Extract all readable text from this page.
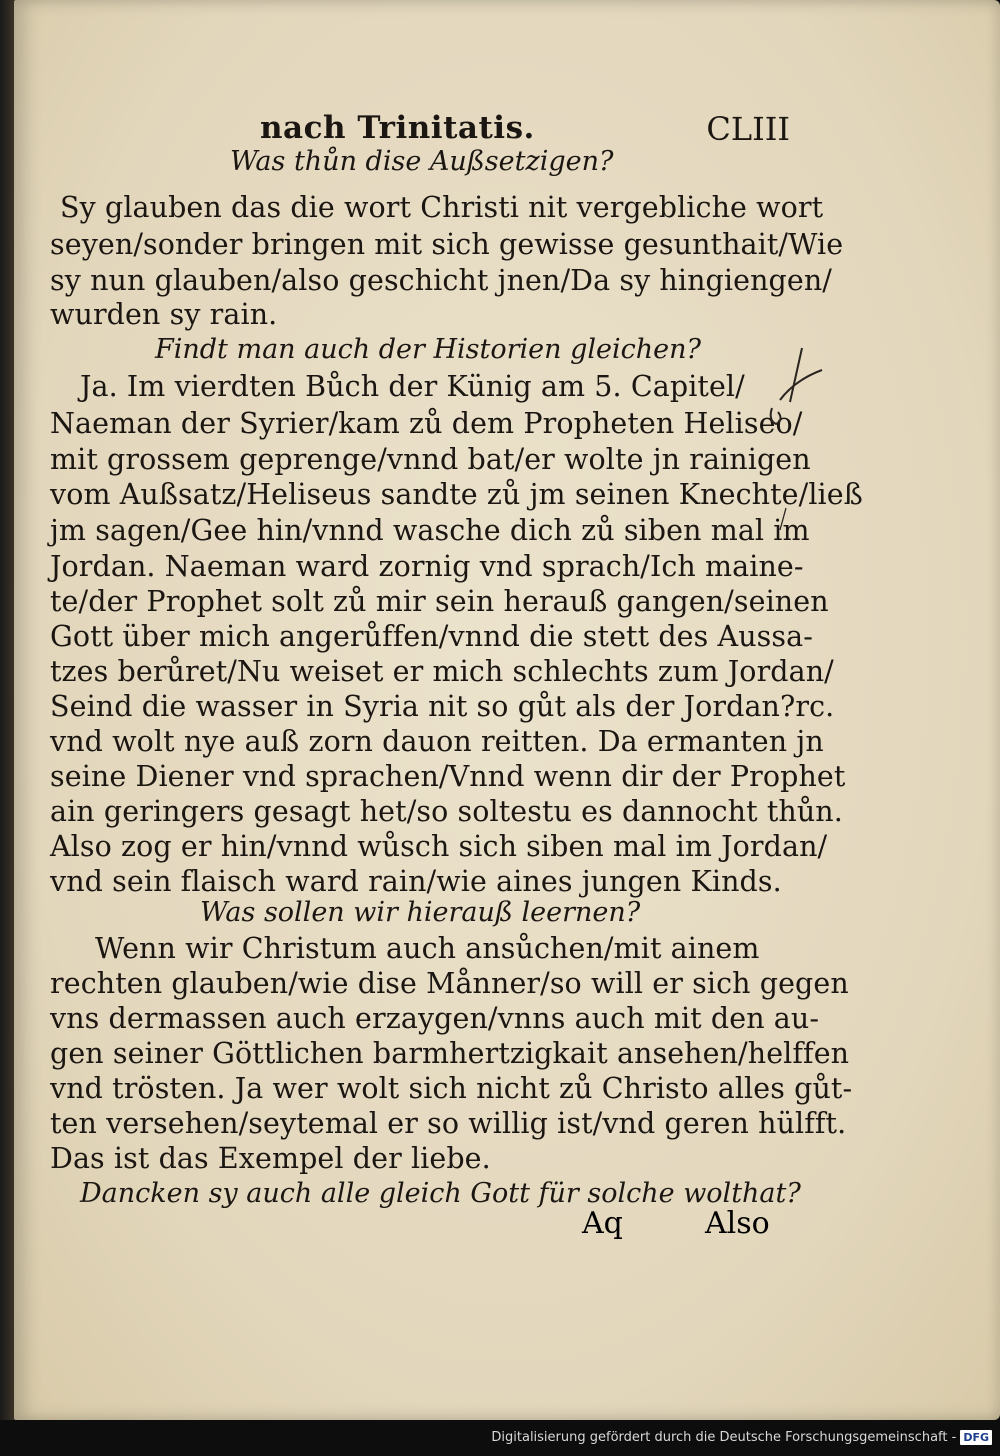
nach Trinitatis.	CLIII
Was thůn dise Außsetzigen?
Sy glauben das die wort Christi nit vergebliche wort
seyen/sonder bringen mit sich gewisse gesunthait/Wie
sy nun glauben/also geschicht jnen/Da sy hingiengen/
wurden sy rain.
Findt man auch der Historien gleichen?
Ja. Im vierdten Bůch der Künig am 5. Capitel/
Naeman der Syrier/kam zů dem Propheten Heliseo/
mit grossem geprenge/vnnd bat/er wolte jn rainigen
vom Außsatz/Heliseus sandte zů jm seinen Knechte/ließ
jm sagen/Gee hin/vnnd wasche dich zů siben mal im
Jordan. Naeman ward zornig vnd sprach/Ich maine-
te/der Prophet solt zů mir sein herauß gangen/seinen
Gott über mich angerůffen/vnnd die stett des Aussa-
tzes berůret/Nu weiset er mich schlechts zum Jordan/
Seind die wasser in Syria nit so gůt als der Jordan?rc.
vnd wolt nye auß zorn dauon reitten. Da ermanten jn
seine Diener vnd sprachen/Vnnd wenn dir der Prophet
ain geringers gesagt het/so soltestu es dannocht thůn.
Also zog er hin/vnnd wůsch sich siben mal im Jordan/
vnd sein flaisch ward rain/wie aines jungen Kinds.
Was sollen wir hierauß leernen?
Wenn wir Christum auch ansůchen/mit ainem
rechten glauben/wie dise Månner/so will er sich gegen
vns dermassen auch erzaygen/vnns auch mit den au-
gen seiner Göttlichen barmhertzigkait ansehen/helffen
vnd trösten. Ja wer wolt sich nicht zů Christo alles gůt-
ten versehen/seytemal er so willig ist/vnd geren hülfft.
Das ist das Exempel der liebe.
Dancken sy auch alle gleich Gott für solche wolthat?
Aq	Also
Digitalisierung gefördert durch die Deutsche Forschungsgemeinschaft - DFG
